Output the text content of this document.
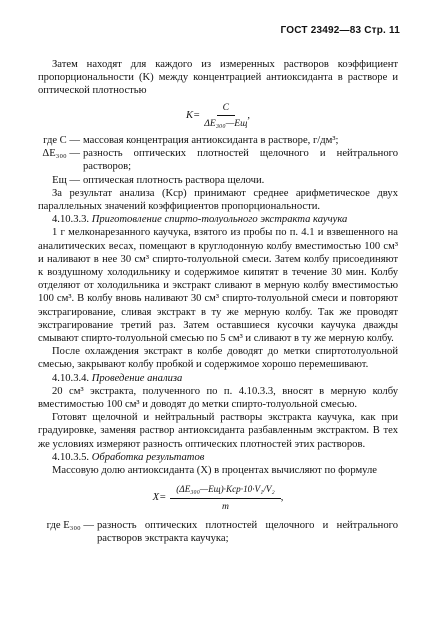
ГОСТ 23492—83 Стр. 11

Затем находят для каждого из измеренных растворов коэффициент пропорциональности (K) между концентрацией антиоксиданта в растворе и оптической плотностью

$K= \frac{C}{\text{ΔE₃₀₀—Eщ}}$ ,
где C — массовая концентрация антиоксиданта в растворе, г/дм³;
ΔE₃₀₀ — разность оптических плотностей щелочного и нейтрального растворов;
Eщ — оптическая плотность раствора щелочи.

За результат анализа (Kср) принимают среднее арифметическое двух параллельных значений коэффициентов пропорциональности.

4.10.3.3. Приготовление спирто-толуольного экстракта каучука

1 г мелконарезанного каучука, взятого из пробы по п. 4.1 и взвешенного на аналитических весах, помещают в круглодонную колбу вместимостью 100 см³ и наливают в нее 30 см³ спирто-толуольной смеси. Затем колбу присоединяют к воздушному холодильнику и содержимое кипятят в течение 30 мин. Колбу отделяют от холодильника и экстракт сливают в мерную колбу вместимостью 100 см³. В колбу вновь наливают 30 см³ спирто-толуольной смеси и повторяют экстрагирование, сливая экстракт в ту же мерную колбу. Так же проводят экстрагирование третий раз. Затем оставшиеся кусочки каучука дважды смывают спирто-толуольной смесью по 5 см³ и сливают в ту же мерную колбу.

После охлаждения экстракт в колбе доводят до метки спиртотолуольной смесью, закрывают колбу пробкой и содержимое хорошо перемешивают.

4.10.3.4. Проведение анализа

20 см³ экстракта, полученного по п. 4.10.3.3, вносят в мерную колбу вместимостью 100 см³ и доводят до метки спирто-толуольной смесью.

Готовят щелочной и нейтральный растворы экстракта каучука, как при градуировке, заменяя раствор антиоксиданта разбавленным экстрактом. В тех же условиях измеряют разность оптических плотностей этих растворов.

4.10.3.5. Обработка результатов

Массовую долю антиоксиданта (X) в процентах вычисляют по формуле

$X= \frac{\text{(ΔE₃₀₀—Eщ)·Kср·10·V₁/V₂}}{m}$ ,
где E₃₀₀ — разность оптических плотностей щелочного и нейтрального растворов экстракта каучука;
